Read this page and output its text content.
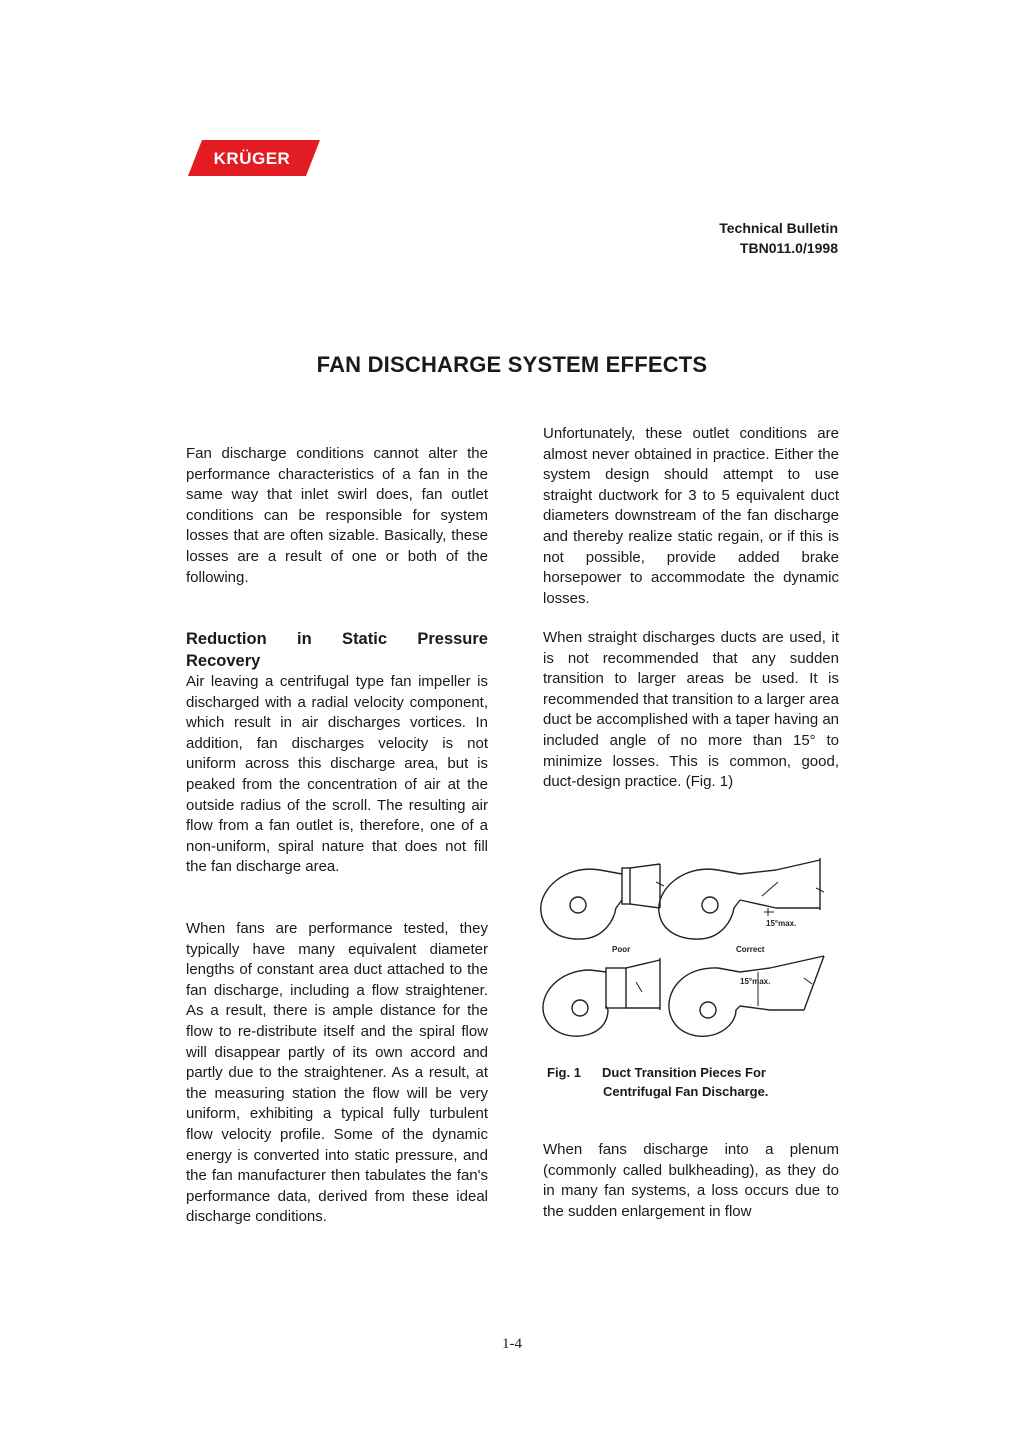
KRÜGER
Technical Bulletin
TBN011.0/1998
FAN DISCHARGE SYSTEM EFFECTS

Fan discharge conditions cannot alter the performance characteristics of a fan in the same way that inlet swirl does, fan outlet conditions can be responsible for system losses that are often sizable. Basically, these losses are a result of one or both of the following.

Reduction in Static Pressure
Recovery

Air leaving a centrifugal type fan impeller is discharged with a radial velocity component, which result in air discharges vortices. In addition, fan discharges velocity is not uniform across this discharge area, but is peaked from the concentration of air at the outside radius of the scroll. The resulting air flow from a fan outlet is, therefore, one of a non-uniform, spiral nature that does not fill the fan discharge area.

When fans are performance tested, they typically have many equivalent diameter lengths of constant area duct attached to the fan discharge, including a flow straightener. As a result, there is ample distance for the flow to re-distribute itself and the spiral flow will disappear partly of its own accord and partly due to the straightener. As a result, at the measuring station the flow will be very uniform, exhibiting a typical fully turbulent flow velocity profile. Some of the dynamic energy is converted into static pressure, and the fan manufacturer then tabulates the fan's performance data, derived from these ideal discharge conditions.

Unfortunately, these outlet conditions are almost never obtained in practice. Either the system design should attempt to use straight ductwork for 3 to 5 equivalent duct diameters downstream of the fan discharge and thereby realize static regain, or if this is not possible, provide added brake horsepower to accommodate the dynamic losses.

When straight discharges ducts are used, it is not recommended that any sudden transition to larger areas be used. It is recommended that transition to a larger area duct be accomplished with a taper having an included angle of no more than 15° to minimize losses. This is common, good, duct-design practice. (Fig. 1)

Poor	Correct
15°max.
15°max.
Fig. 1 Duct Transition Pieces For
Centrifugal Fan Discharge.

When fans discharge into a plenum (commonly called bulkheading), as they do in many fan systems, a loss occurs due to the sudden enlargement in flow

1-4
